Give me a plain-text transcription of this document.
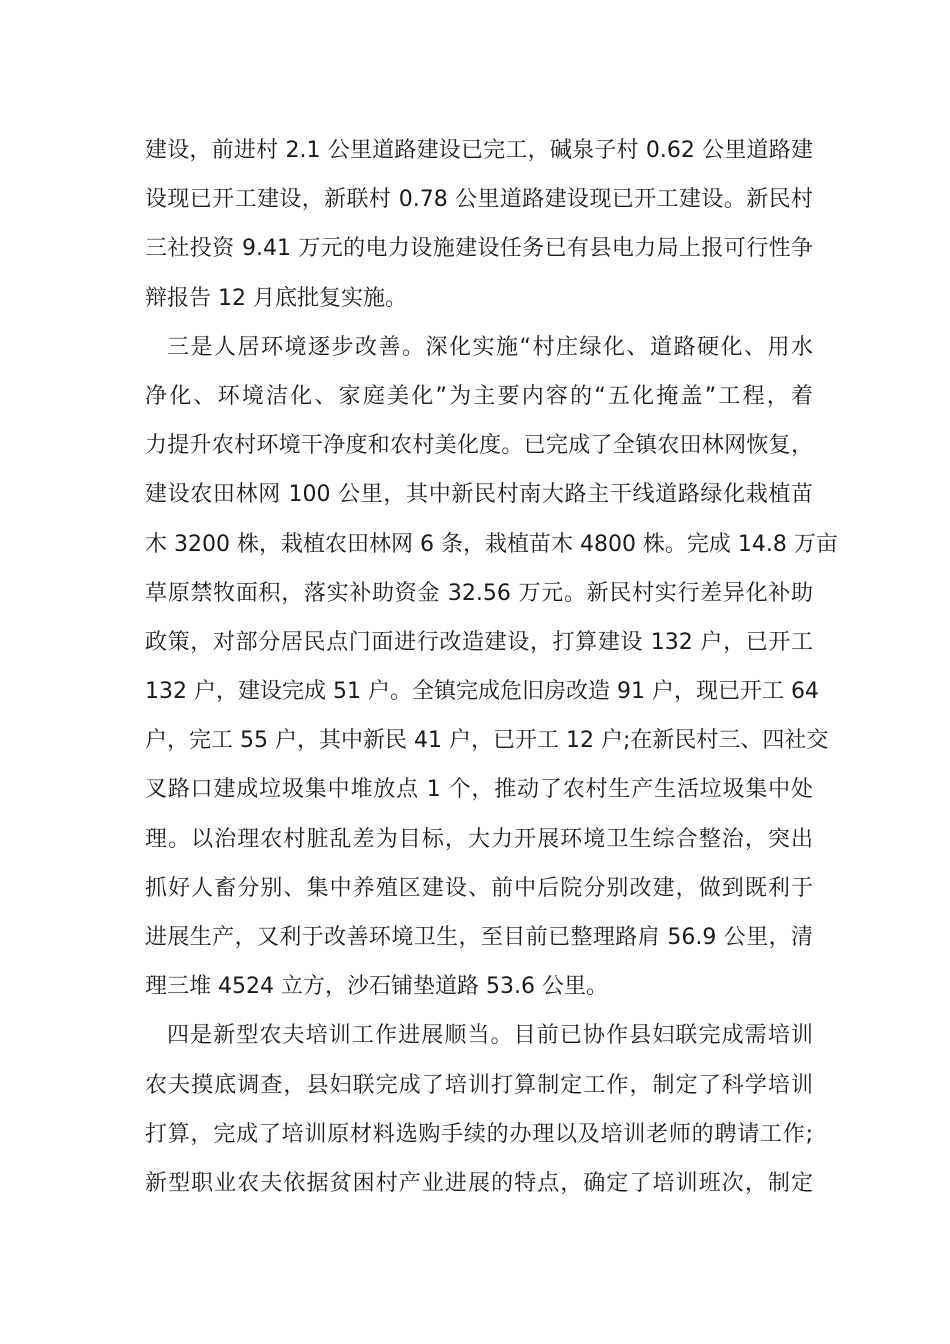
建设，前进村 2.1 公里道路建设已完工，碱泉子村 0.62 公里道路建
设现已开工建设，新联村 0.78 公里道路建设现已开工建设。新民村
三社投资 9.41 万元的电力设施建设任务已有县电力局上报可行性争
辩报告 12 月底批复实施。
三是人居环境逐步改善。深化实施“村庄绿化、道路硬化、用水
净化、环境洁化、家庭美化”为主要内容的“五化掩盖”工程，着
力提升农村环境干净度和农村美化度。已完成了全镇农田林网恢复，
建设农田林网 100 公里，其中新民村南大路主干线道路绿化栽植苗
木 3200 株，栽植农田林网 6 条，栽植苗木 4800 株。完成 14.8 万亩
草原禁牧面积，落实补助资金 32.56 万元。新民村实行差异化补助
政策，对部分居民点门面进行改造建设，打算建设 132 户，已开工
132 户，建设完成 51 户。全镇完成危旧房改造 91 户，现已开工 64
户，完工 55 户，其中新民 41 户，已开工 12 户;在新民村三、四社交
叉路口建成垃圾集中堆放点 1 个，推动了农村生产生活垃圾集中处
理。以治理农村脏乱差为目标，大力开展环境卫生综合整治，突出
抓好人畜分别、集中养殖区建设、前中后院分别改建，做到既利于
进展生产，又利于改善环境卫生，至目前已整理路肩 56.9 公里，清
理三堆 4524 立方，沙石铺垫道路 53.6 公里。
四是新型农夫培训工作进展顺当。目前已协作县妇联完成需培训
农夫摸底调查，县妇联完成了培训打算制定工作，制定了科学培训
打算，完成了培训原材料选购手续的办理以及培训老师的聘请工作;
新型职业农夫依据贫困村产业进展的特点，确定了培训班次，制定
